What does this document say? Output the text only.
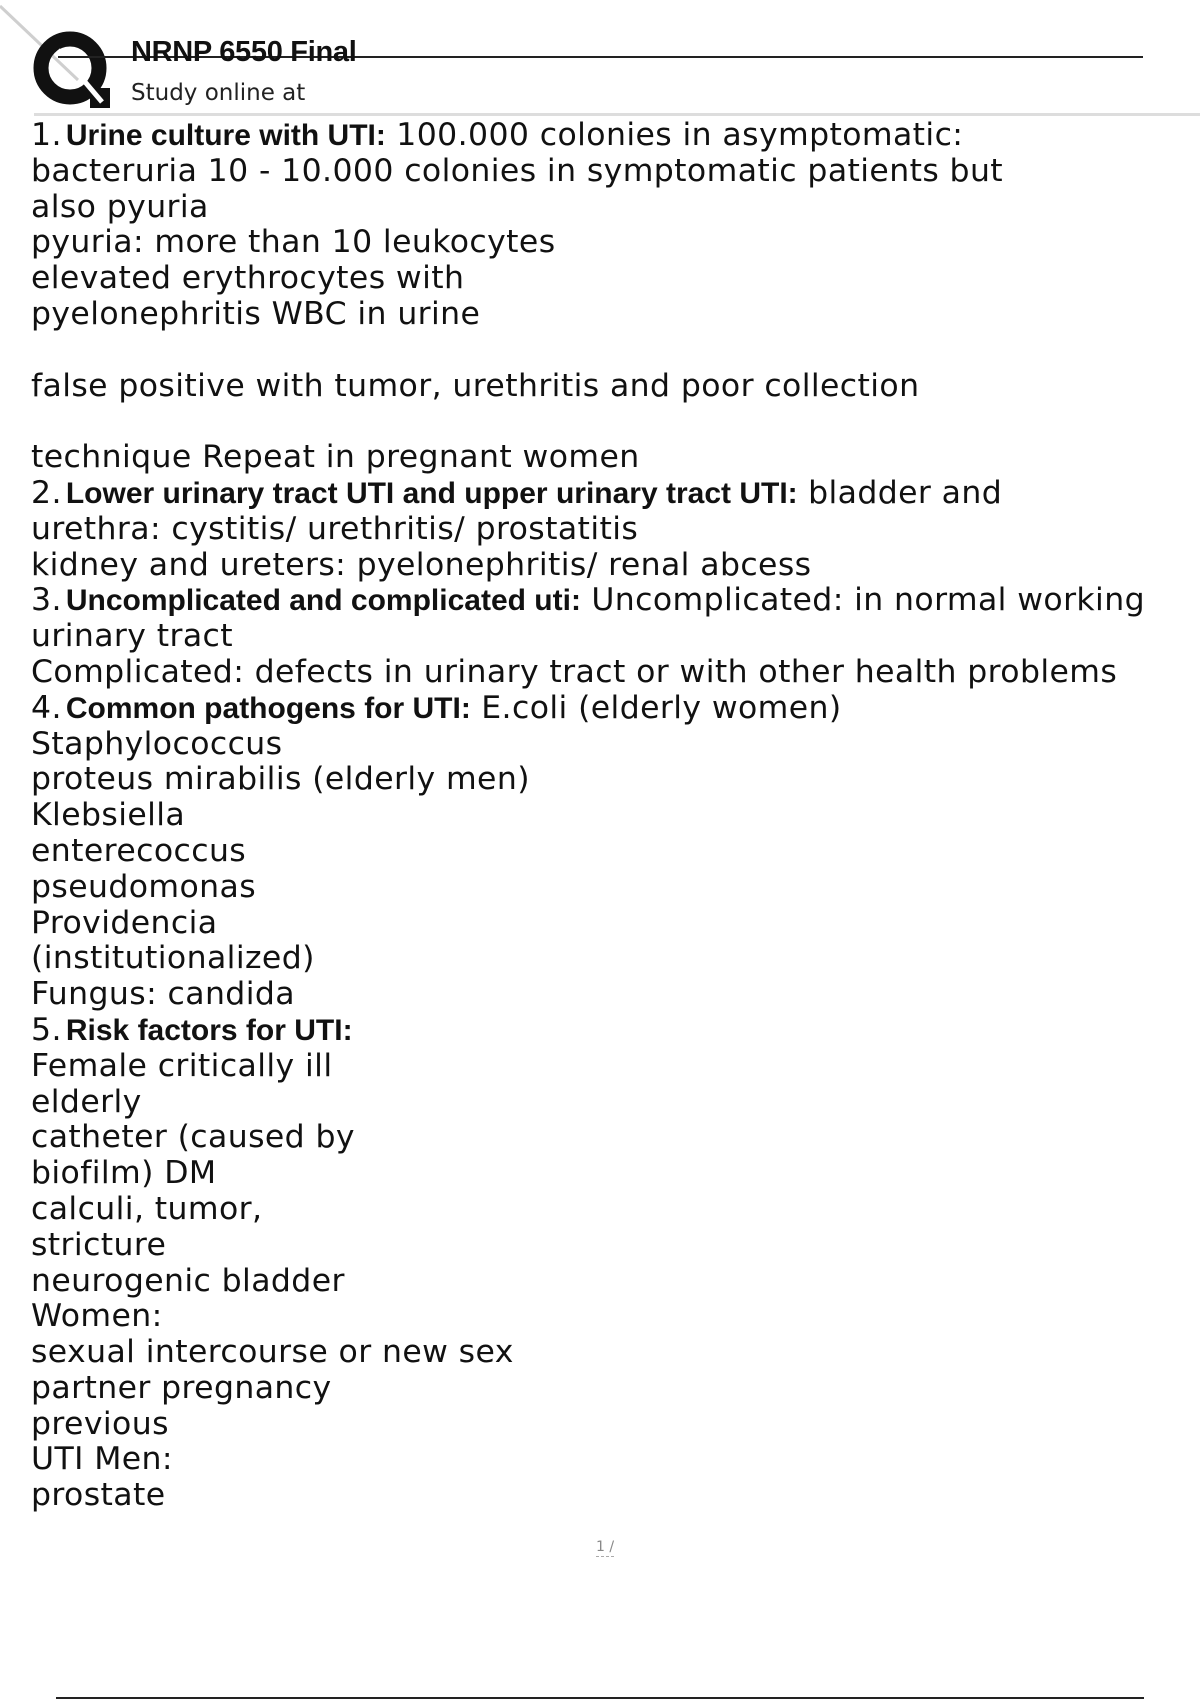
NRNP 6550 Final
Study online at
1. Urine culture with UTI: 100.000 colonies in asymptomatic:
bacteruria 10 - 10.000 colonies in symptomatic patients but
also pyuria
pyuria: more than 10 leukocytes
elevated erythrocytes with
pyelonephritis WBC in urine
false positive with tumor, urethritis and poor collection
technique Repeat in pregnant women
2. Lower urinary tract UTI and upper urinary tract UTI: bladder and
urethra: cystitis/ urethritis/ prostatitis
kidney and ureters: pyelonephritis/ renal abcess
3. Uncomplicated and complicated uti: Uncomplicated: in normal working
urinary tract
Complicated: defects in urinary tract or with other health problems
4. Common pathogens for UTI: E.coli (elderly women)
Staphylococcus
proteus mirabilis (elderly men)
Klebsiella
enterecoccus
pseudomonas
Providencia
(institutionalized)
Fungus: candida
5. Risk factors for UTI:
Female critically ill
elderly
catheter (caused by
biofilm) DM
calculi, tumor,
stricture
neurogenic bladder
Women:
sexual intercourse or new sex
partner pregnancy
previous
UTI Men:
prostate
1 /
